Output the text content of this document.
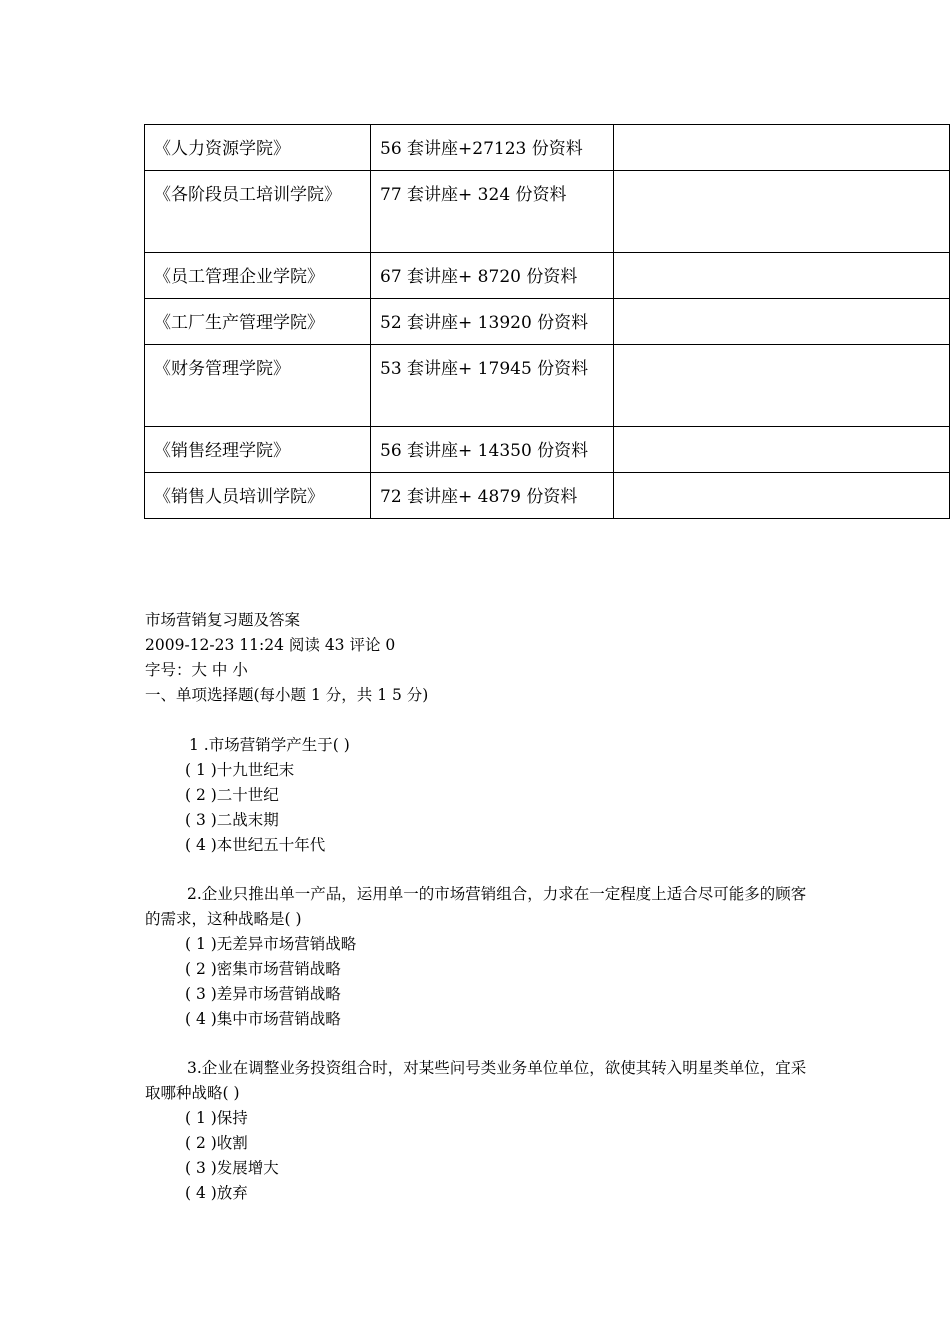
《人力资源学院》	56 套讲座+27123 份资料	
《各阶段员工培训学院》	77 套讲座+ 324 份资料	
《员工管理企业学院》	67 套讲座+ 8720 份资料	
《工厂生产管理学院》	52 套讲座+ 13920 份资料	
《财务管理学院》	53 套讲座+ 17945 份资料	
《销售经理学院》	56 套讲座+ 14350 份资料	
《销售人员培训学院》	72 套讲座+ 4879 份资料	
市场营销复习题及答案
2009-12-23 11:24 阅读 43 评论 0
字号：大 中 小
一、单项选择题(每小题 1 分，共 1 5 分)
1 .市场营销学产生于( )
( 1 )十九世纪末
( 2 )二十世纪
( 3 )二战末期
( 4 )本世纪五十年代
2.企业只推出单一产品，运用单一的市场营销组合，力求在一定程度上适合尽可能多的顾客的需求，这种战略是( )
( 1 )无差异市场营销战略
( 2 )密集市场营销战略
( 3 )差异市场营销战略
( 4 )集中市场营销战略
3.企业在调整业务投资组合时，对某些问号类业务单位单位，欲使其转入明星类单位，宜采取哪种战略( )
( 1 )保持
( 2 )收割
( 3 )发展增大
( 4 )放弃
